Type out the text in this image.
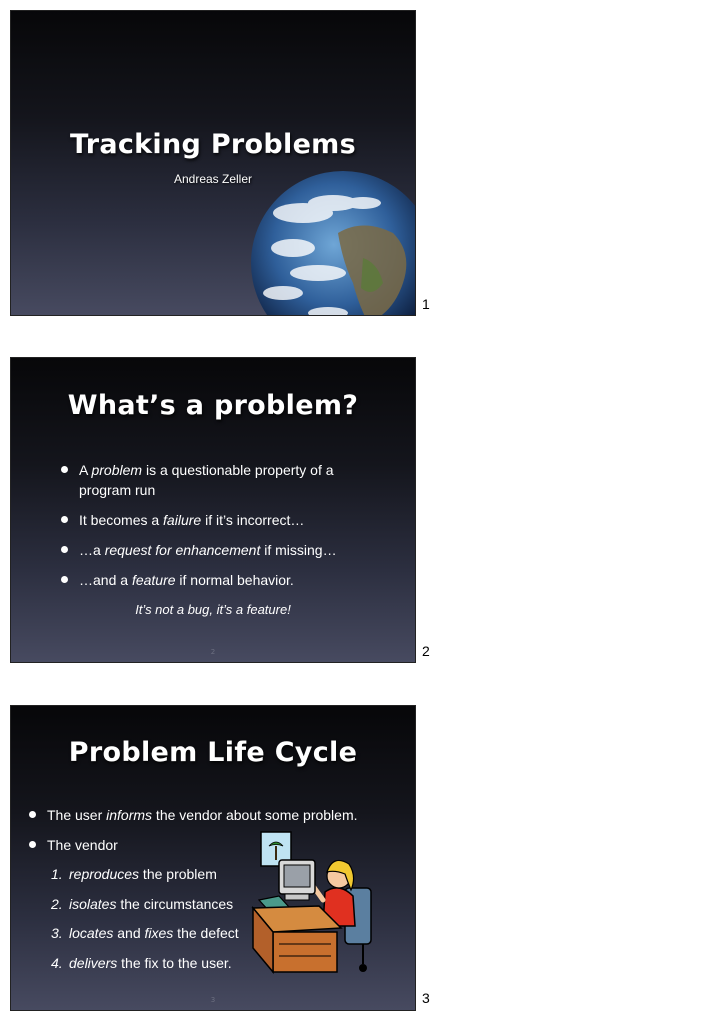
Tracking Problems
Andreas Zeller
1
What’s a problem?
A problem is a questionable property of a program run
It becomes a failure if it’s incorrect…
…a request for enhancement if missing…
…and a feature if normal behavior.
It’s not a bug, it’s a feature!
2	2
Problem Life Cycle
The user informs the vendor about some problem.
The vendor
1. reproduces the problem
2. isolates the circumstances
3. locates and fixes the defect
4. delivers the fix to the user.
3	3
